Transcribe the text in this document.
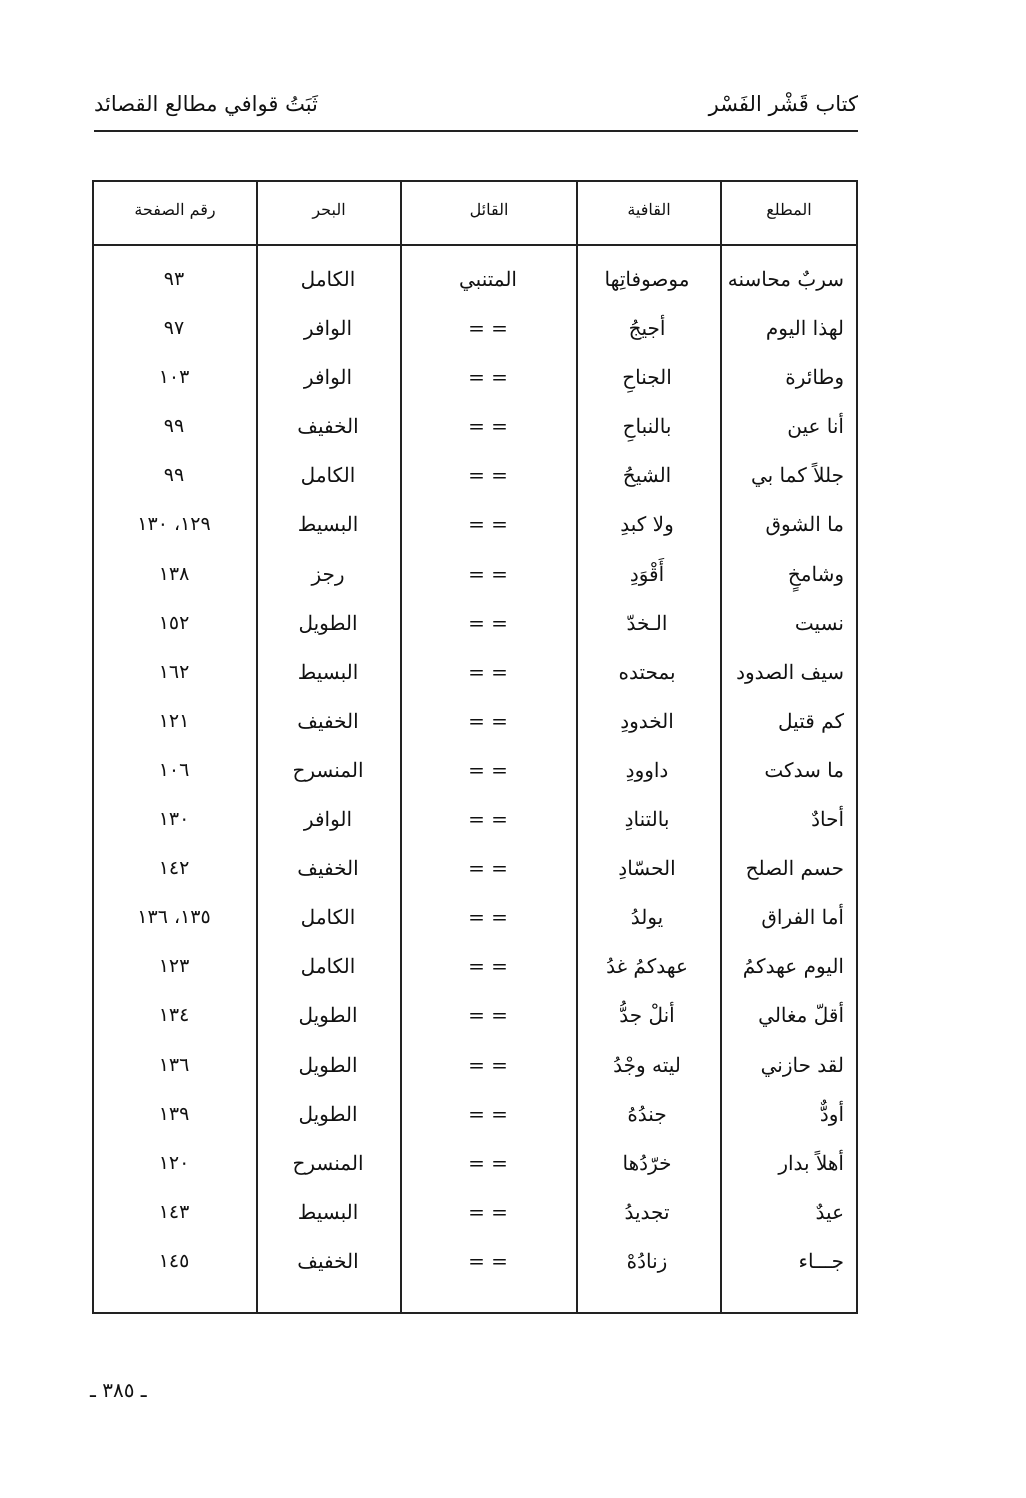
كتاب قَشْر الفَسْر
ثَبَتُ قوافي مطالع القصائد
المطلع
القافية
القائل
البحر
رقم الصفحة
سربٌ محاسنه
موصوفاتِها
المتنبي
الكامل
٩٣
لهذا اليوم
أجيجُ
= =
الوافر
٩٧
وطائرة
الجناحِ
= =
الوافر
١٠٣
أنا عين
بالنباحِ
= =
الخفيف
٩٩
جللاً كما بي
الشيحُ
= =
الكامل
٩٩
ما الشوق
ولا كبدِ
= =
البسيط
١٢٩، ١٣٠
وشامخٍ
أَقْوَدِ
= =
رجز
١٣٨
نسيت
الـخدّ
= =
الطويل
١٥٢
سيف الصدود
بمحتده
= =
البسيط
١٦٢
كم قتيل
الخدودِ
= =
الخفيف
١٢١
ما سدكت
داوودِ
= =
المنسرح
١٠٦
أحادٌ
بالتنادِ
= =
الوافر
١٣٠
حسم الصلح
الحسّادِ
= =
الخفيف
١٤٢
أما الفراق
يولدُ
= =
الكامل
١٣٥، ١٣٦
اليوم عهدكمُ
عهدكمُ غدُ
= =
الكامل
١٢٣
أقلّ مغالي
أنلْ جدُّ
= =
الطويل
١٣٤
لقد حازني
ليته وجْدُ
= =
الطويل
١٣٦
أودٌّ
جندُهُ
= =
الطويل
١٣٩
أهلاً بدار
خرّدُها
= =
المنسرح
١٢٠
عيدٌ
تجديدُ
= =
البسيط
١٤٣
جـــاء
زنادُهْ
= =
الخفيف
١٤٥
ـ ٣٨٥ ـ
